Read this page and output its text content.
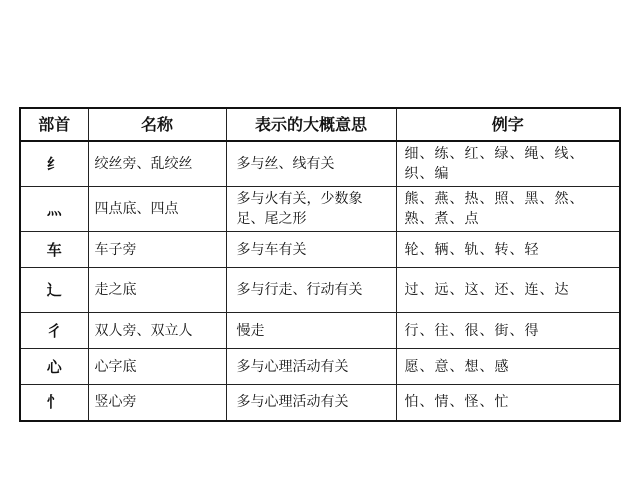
部首	名称	表示的大概意思	例字
纟	绞丝旁、乱绞丝	多与丝、线有关	细、练、红、绿、绳、线、织、编
灬	四点底、四点	多与火有关，少数象足、尾之形	熊、燕、热、照、黑、然、熟、煮、点
车	车子旁	多与车有关	轮、辆、轨、转、轻
辶	走之底	多与行走、行动有关	过、远、这、还、连、达
彳	双人旁、双立人	慢走	行、往、很、街、得
心	心字底	多与心理活动有关	愿、意、想、感
忄	竖心旁	多与心理活动有关	怕、情、怪、忙
